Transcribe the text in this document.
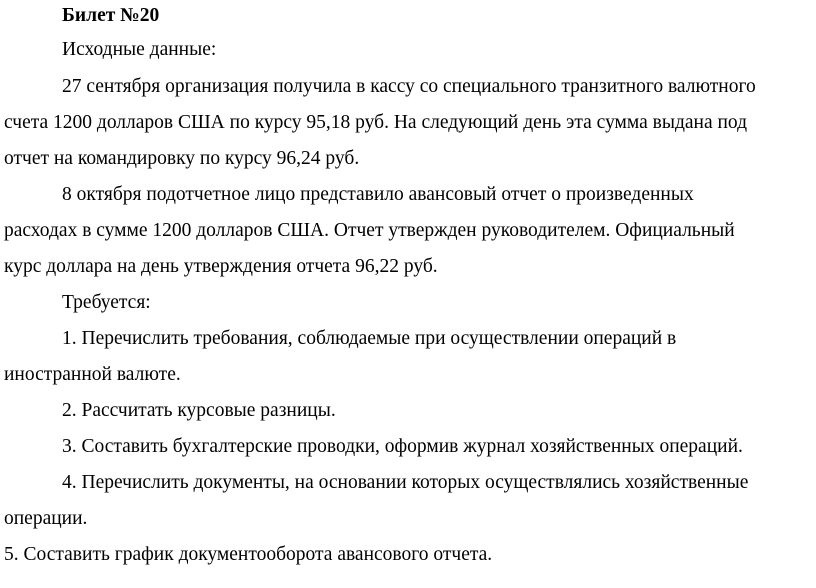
Билет №20

Исходные данные:

27 сентября организация получила в кассу со специального транзитного валютного

счета 1200 долларов США по курсу 95,18 руб. На следующий день эта сумма выдана под

отчет на командировку по курсу 96,24 руб.

8 октября подотчетное лицо представило авансовый отчет о произведенных

расходах в сумме 1200 долларов США. Отчет утвержден руководителем. Официальный

курс доллара на день утверждения отчета 96,22 руб.

Требуется:

1. Перечислить требования, соблюдаемые при осуществлении операций в

иностранной валюте.

2. Рассчитать курсовые разницы.

3. Составить бухгалтерские проводки, оформив журнал хозяйственных операций.

4. Перечислить документы, на основании которых осуществлялись хозяйственные

операции.

5. Составить график документооборота авансового отчета.
